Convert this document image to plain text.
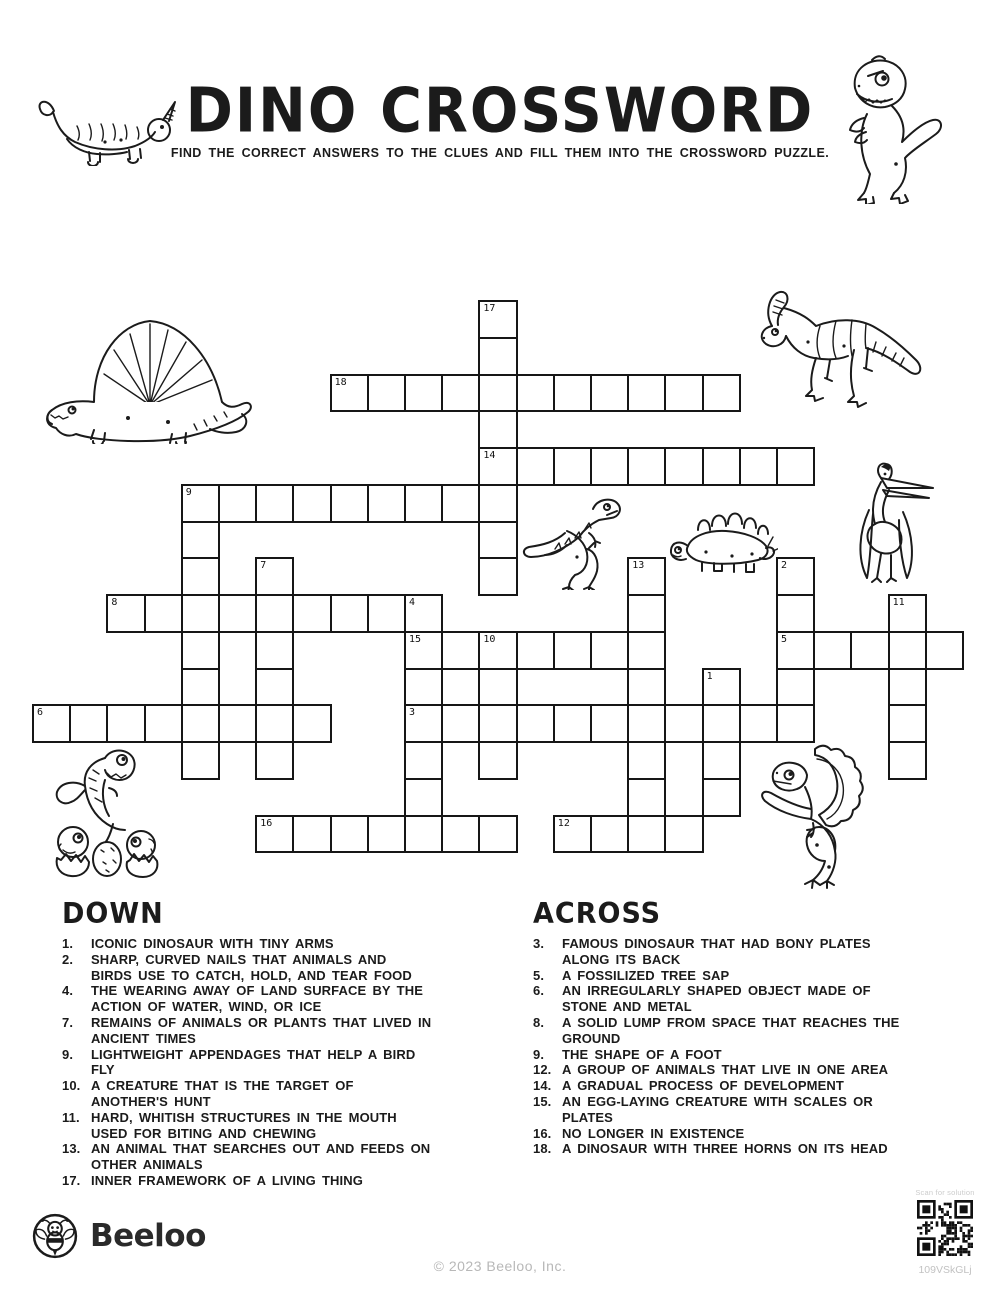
DINO CROSSWORD

FIND THE CORRECT ANSWERS TO THE CLUES AND FILL THEM INTO THE CROSSWORD PUZZLE.

17
14
18
9
7	13	2
5
8	4
15
3
11
10
1
6
16	12
DOWN
1.	ICONIC DINOSAUR WITH TINY ARMS
2.	SHARP, CURVED NAILS THAT ANIMALS AND BIRDS USE TO CATCH, HOLD, AND TEAR FOOD
4.	THE WEARING AWAY OF LAND SURFACE BY THE ACTION OF WATER, WIND, OR ICE
7.	REMAINS OF ANIMALS OR PLANTS THAT LIVED IN ANCIENT TIMES
9.	LIGHTWEIGHT APPENDAGES THAT HELP A BIRD FLY
10. A CREATURE THAT IS THE TARGET OF ANOTHER'S HUNT
11. HARD, WHITISH STRUCTURES IN THE MOUTH USED FOR BITING AND CHEWING
13. AN ANIMAL THAT SEARCHES OUT AND FEEDS ON OTHER ANIMALS
17. INNER FRAMEWORK OF A LIVING THING
ACROSS
3.	FAMOUS DINOSAUR THAT HAD BONY PLATES ALONG ITS BACK
5.	A FOSSILIZED TREE SAP
6.	AN IRREGULARLY SHAPED OBJECT MADE OF STONE AND METAL
8.	A SOLID LUMP FROM SPACE THAT REACHES THE GROUND
9.	THE SHAPE OF A FOOT
12. A GROUP OF ANIMALS THAT LIVE IN ONE AREA
14. A GRADUAL PROCESS OF DEVELOPMENT
15. AN EGG-LAYING CREATURE WITH SCALES OR PLATES
16. NO LONGER IN EXISTENCE
18. A DINOSAUR WITH THREE HORNS ON ITS HEAD
Beeloo
© 2023 Beeloo, Inc.
Scan for solution
109VSkGLj
